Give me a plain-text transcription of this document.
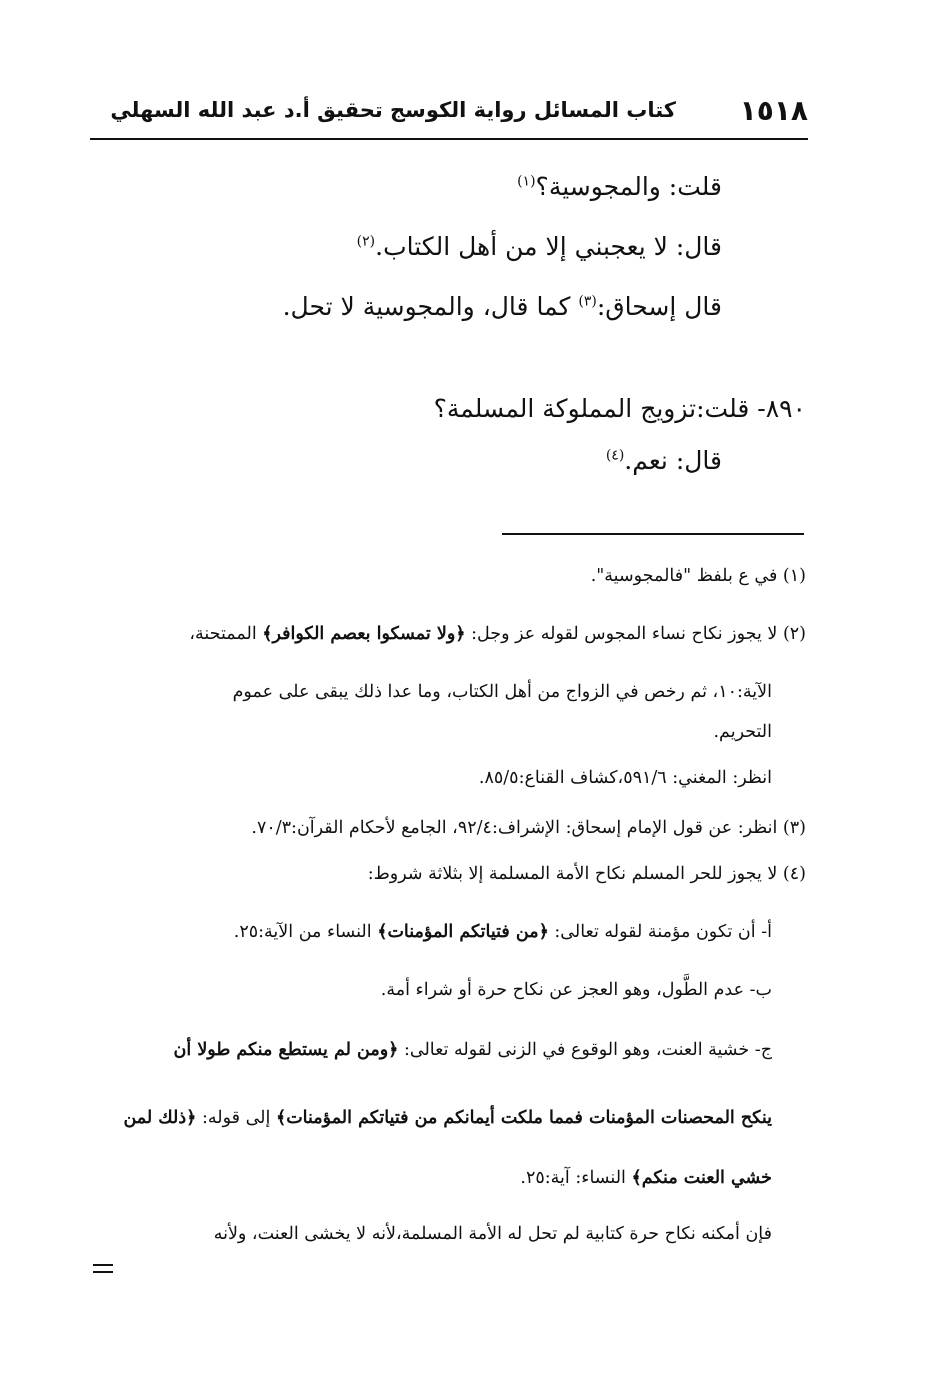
١٥١٨
كتاب المسائل رواية الكوسج تحقيق أ.د عبد الله السهلي
قلت: والمجوسية؟$^{(١)}$
قال: لا يعجبني إلا من أهل الكتاب.$^{(٢)}$
قال إسحاق:$^{(٣)}$ كما قال، والمجوسية لا تحل.
٨٩٠- قلت:تزويج المملوكة المسلمة؟
قال: نعم.$^{(٤)}$
(١) في ع بلفظ "فالمجوسية".
(٢) لا يجوز نكاح نساء المجوس لقوله عز وجل: ﴿ولا تمسكوا بعصم الكوافر﴾ الممتحنة،
الآية:١٠، ثم رخص في الزواج من أهل الكتاب، وما عدا ذلك يبقى على عموم
التحريم.
انظر: المغني: ٥٩١/٦،كشاف القناع:٨٥/٥.
(٣) انظر: عن قول الإمام إسحاق: الإشراف:٩٢/٤، الجامع لأحكام القرآن:٧٠/٣.
(٤) لا يجوز للحر المسلم نكاح الأمة المسلمة إلا بثلاثة شروط:
أ- أن تكون مؤمنة لقوله تعالى: ﴿من فتياتكم المؤمنات﴾ النساء من الآية:٢٥.
ب- عدم الطَّول، وهو العجز عن نكاح حرة أو شراء أمة.
ج- خشية العنت، وهو الوقوع في الزنى لقوله تعالى: ﴿ومن لم يستطع منكم طولا أن
ينكح المحصنات المؤمنات فمما ملكت أيمانكم من فتياتكم المؤمنات﴾ إلى قوله: ﴿ذلك لمن
خشي العنت منكم﴾ النساء: آية:٢٥.
فإن أمكنه نكاح حرة كتابية لم تحل له الأمة المسلمة،لأنه لا يخشى العنت، ولأنه
